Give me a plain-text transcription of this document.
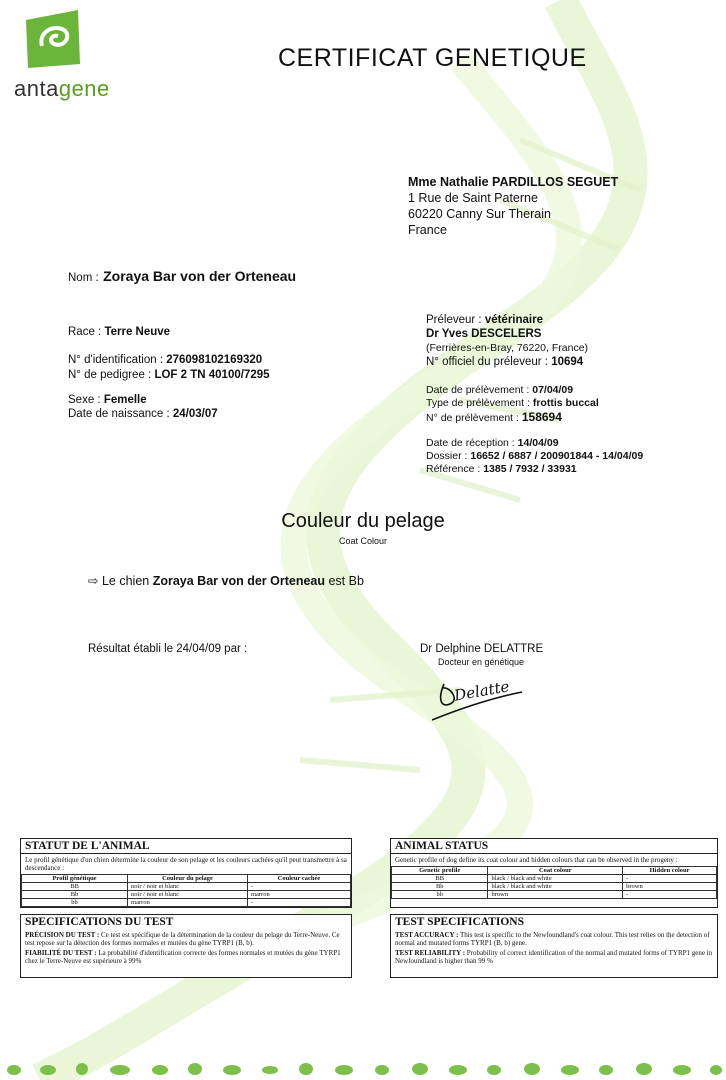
antagene
CERTIFICAT GENETIQUE
Mme Nathalie PARDILLOS SEGUET
1 Rue de Saint Paterne
60220 Canny Sur Therain
France
Nom : Zoraya Bar von der Orteneau
Race : Terre Neuve
N° d'identification : 276098102169320
N° de pedigree : LOF 2 TN 40100/7295
Sexe : Femelle
Date de naissance : 24/03/07
Préleveur : vétérinaire
Dr Yves DESCELERS
(Ferrières-en-Bray, 76220, France)
N° officiel du préleveur : 10694
Date de prélèvement : 07/04/09
Type de prélèvement : frottis buccal
N° de prélèvement : 158694
Date de réception : 14/04/09
Dossier : 16652 / 6887 / 200901844 - 14/04/09
Référence : 1385 / 7932 / 33931
Couleur du pelage
Coat Colour
⇨ Le chien Zoraya Bar von der Orteneau est Bb
Résultat établi le 24/04/09 par :	Dr Delphine DELATTRE
Docteur en génétique
Delatte
STATUT DE L'ANIMAL
Le profil génétique d'un chien détermine la couleur de son pelage et les couleurs cachées qu'il peut transmettre à sa descendance :
Profil génétique	Couleur du pelage	Couleur cachée
BB	noir / noir et blanc	-
Bb	noir / noir et blanc	marron
bb	marron	-
ANIMAL STATUS
Genetic profile of dog define its coat colour and hidden colours that can be observed in the progeny :
Genetic profile	Coat colour	Hidden colour
BB	black / black and white	-
Bb	black / black and white	brown
bb	brown	-
SPECIFICATIONS DU TEST
PRÉCISION DU TEST : Ce test est spécifique de la détermination de la couleur du pelage du Terre-Neuve. Ce test repose sur la détection des formes normales et mutées du gène TYRP1 (B, b).
FIABILITÉ DU TEST : La probabilité d'identification correcte des formes normales et mutées du gène TYRP1 chez le Terre-Neuve est supérieure à 99%
TEST SPECIFICATIONS
TEST ACCURACY : This test is specific to the Newfoundland's coat colour. This test relies on the detection of normal and mutated forms TYRP1 (B, b) gene.
TEST RELIABILITY : Probability of correct identification of the normal and mutated forms of TYRP1 gene in Newfoundland is higher than 99 %
